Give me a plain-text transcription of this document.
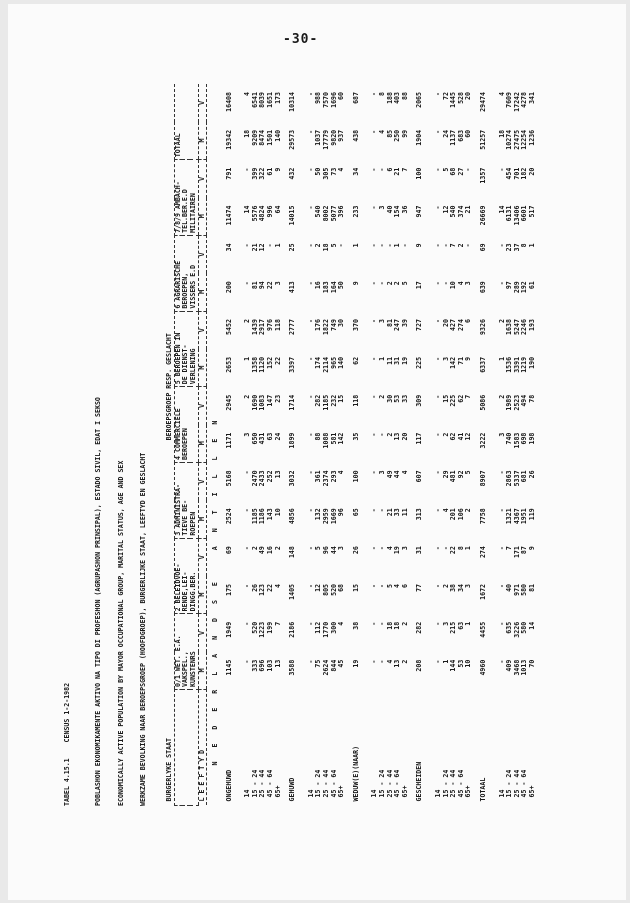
-30-
TABEL 4.15.1    CENSUS 1-2-1982

	POBLASHON EKONOMIKAMENTE AKTIVO NA TIPO DI PROFESHON (AGRUPASHON PRINSIPAL), ESTADO SIVIL, EDAT I SEKSO

ECONOMICALLY ACTIVE POPULATION BY MAYOR OCCUPATIONAL GROUP, MARITAL STATUS, AGE AND SEX

WERKZAME BEVOLKING NAAR BEROEPSGROEP (HOOFDGROEP), BURGERLIJKE STAAT, LEEFTYD EN GESLACHT

	BURGERLYKE STAAT	BEROEPSGROEP RESP. GESLACHT															
	0/1 WET. E.A.		2 BELEIDVOE-		3 ADMINISTRA-		4 COMMERCIELE		5 BEROEPEN IN		6 AGRARISCHE		7/8/9 AMBACH-		TOTAAL	
	VAKSPEL.,		RENDE,LEI-		TIEVE BE-		BEROEPEN		DE DIENST-		BEROEPEN,		TEL.BER.E.D			
	KUNSTENRS		DINGG.BER.		ROEPEN				VERLENING		VISSERS E.D		MILITAIREN			
L E E F T Y D	M	V	M	V	M	V	M	V	M	V	M	V	M	V	M	V
N E D E R L A N D S E   A N T I L L E N																
ONGEHUWD	1145	1949	175	69	2524	5168	1171	2945	2653	5452	200	34	11474	791	19342	16408

14	-	-	-	-	-	-	3	2	1	2	-	-	14	-	18	4
15 - 24	333	520	26	2	1185	2470	650	1690	1358	1439	81	21	5576	399	9209	6541
25 - 44	696	1223	123	49	1186	2433	431	1083	1120	2917	94	12	4824	322	8474	8039
45 - 64	103	199	22	16	143	252	63	147	152	976	22	-	996	61	1501	1651
65+	13	7	4	2	10	13	24	23	22	118	3	1	64	9	140	173

GEHUWD	3588	2186	1405	148	4856	3032	1899	1714	3397	2777	413	25	14015	432	29573	10314

14	-	-	-	-	-	-	-	-	-	-	-	-	-	-	-	-
15 - 24	75	112	12	5	132	361	88	282	174	176	16	2	540	50	1037	988
25 - 44	2624	1770	805	96	2959	2374	1088	1185	2114	1822	183	18	8002	305	17779	7570
45 - 64	844	300	520	44	1669	293	581	232	965	749	164	5	5077	73	9820	1696
65+	45	4	68	3	96	4	142	15	140	30	50	-	396	4	937	60

WEDUW(E)(NAAR)	19	38	15	26	65	100	35	118	62	370	9	1	233	34	438	687

14	-	-	-	-	-	-	-	-	-	-	-	-	-	-	-	-
15 - 24	-	-	-	-	-	3	-	2	1	3	-	-	3	-	4	8
25 - 44	4	18	5	4	21	49	2	30	11	81	2	-	40	6	85	188
45 - 64	13	18	4	19	33	44	13	53	31	247	2	1	154	21	250	403
65+	2	2	6	3	11	4	20	33	19	39	5	-	36	7	99	88

GESCHEIDEN	208	282	77	31	313	607	117	309	225	727	17	9	947	100	1904	2065

14	-	-	-	-	-	-	-	-	-	-	-	-	-	-	-	-
15 - 24	1	3	2	-	4	29	2	15	3	20	-	-	12	5	24	72
25 - 44	144	215	38	22	201	481	62	225	142	427	10	7	540	68	1137	1445
45 - 64	53	63	34	8	106	92	41	62	71	274	4	2	374	27	683	528
65+	10	1	3	1	2	5	12	7	9	6	3	-	21	-	60	20

TOTAAL	4960	4455	1672	274	7758	8907	3222	5086	6337	9326	639	69	26669	1357	51257	29474

14	-	-	-	-	-	-	3	2	1	2	-	-	14	-	18	4
15 - 24	409	635	40	7	1321	2863	740	1989	1536	1638	97	23	6131	454	10274	7609
25 - 44	3468	3226	971	171	4367	5337	1583	2523	3391	5247	289	37	13406	701	27475	17242
45 - 64	1013	580	580	87	1951	681	698	494	1219	2246	192	8	6601	182	12254	4278
65+	70	14	81	9	119	26	198	78	190	193	61	1	517	20	1236	341
